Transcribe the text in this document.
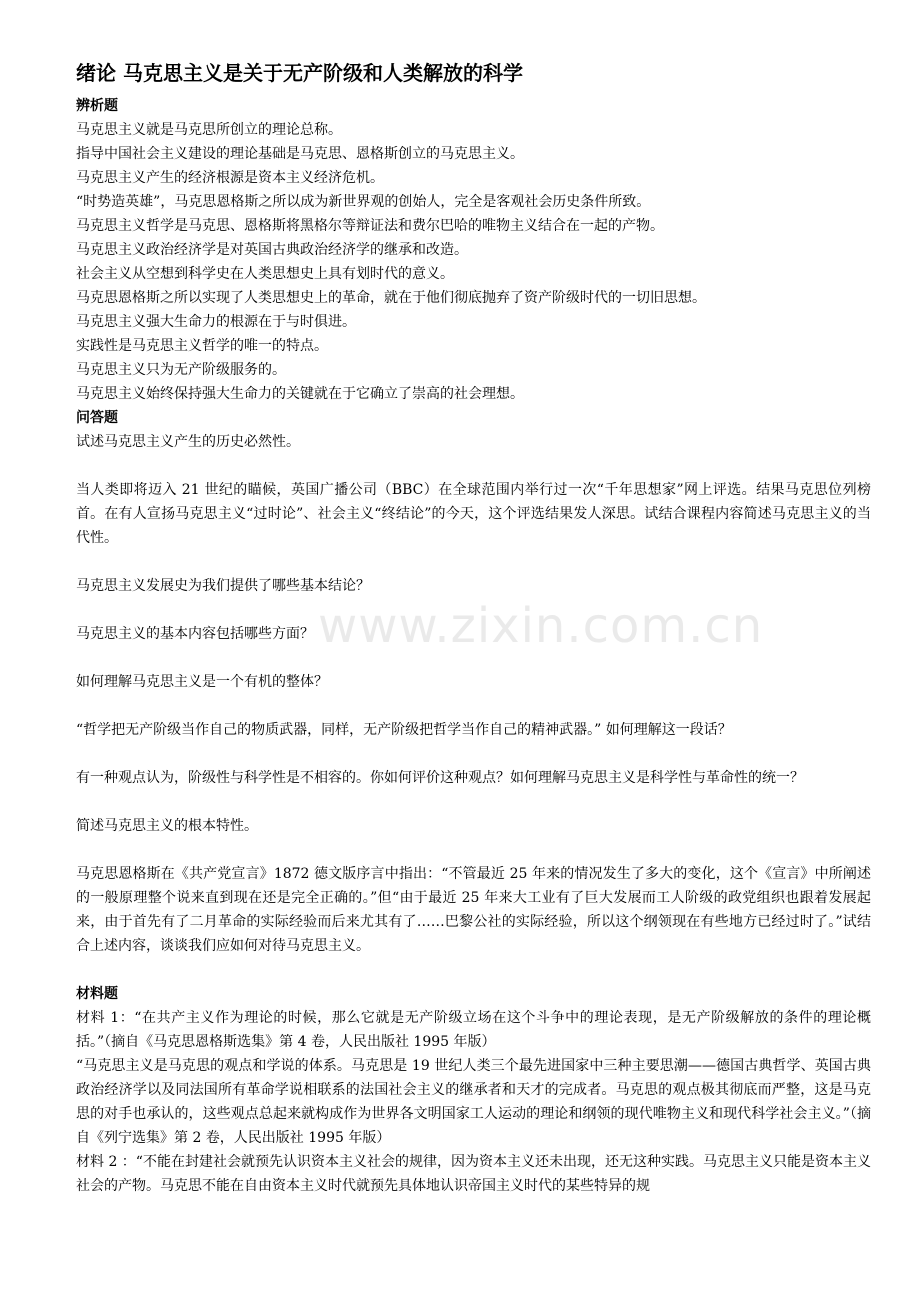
www.zixin.com.cn
绪论 马克思主义是关于无产阶级和人类解放的科学
辨析题
马克思主义就是马克思所创立的理论总称。
指导中国社会主义建设的理论基础是马克思、恩格斯创立的马克思主义。
马克思主义产生的经济根源是资本主义经济危机。
“时势造英雄”，马克思恩格斯之所以成为新世界观的创始人，完全是客观社会历史条件所致。
马克思主义哲学是马克思、恩格斯将黑格尔等辩证法和费尔巴哈的唯物主义结合在一起的产物。
马克思主义政治经济学是对英国古典政治经济学的继承和改造。
社会主义从空想到科学史在人类思想史上具有划时代的意义。
马克思恩格斯之所以实现了人类思想史上的革命，就在于他们彻底抛弃了资产阶级时代的一切旧思想。
马克思主义强大生命力的根源在于与时俱进。
实践性是马克思主义哲学的唯一的特点。
马克思主义只为无产阶级服务的。
马克思主义始终保持强大生命力的关键就在于它确立了崇高的社会理想。
问答题
试述马克思主义产生的历史必然性。
当人类即将迈入 21 世纪的瞄候，英国广播公司（BBC）在全球范围内举行过一次“千年思想家”网上评选。结果马克思位列榜首。在有人宣扬马克思主义“过时论”、社会主义“终结论”的今天，这个评选结果发人深思。试结合课程内容简述马克思主义的当代性。
马克思主义发展史为我们提供了哪些基本结论？
马克思主义的基本内容包括哪些方面？
如何理解马克思主义是一个有机的整体？
“哲学把无产阶级当作自己的物质武器，同样，无产阶级把哲学当作自己的精神武器。” 如何理解这一段话？
有一种观点认为，阶级性与科学性是不相容的。你如何评价这种观点？如何理解马克思主义是科学性与革命性的统一？
简述马克思主义的根本特性。
马克思恩格斯在《共产党宣言》1872 德文版序言中指出：“不管最近 25 年来的情况发生了多大的变化，这个《宣言》中所阐述的一般原理整个说来直到现在还是完全正确的。”但“由于最近 25 年来大工业有了巨大发展而工人阶级的政党组织也跟着发展起来，由于首先有了二月革命的实际经验而后来尤其有了……巴黎公社的实际经验，所以这个纲领现在有些地方已经过时了。”试结合上述内容，谈谈我们应如何对待马克思主义。
材料题
材料 1：“在共产主义作为理论的时候，那么它就是无产阶级立场在这个斗争中的理论表现，是无产阶级解放的条件的理论概括。”（摘自《马克思恩格斯选集》第 4 卷，人民出版社 1995 年版）
“马克思主义是马克思的观点和学说的体系。马克思是 19 世纪人类三个最先进国家中三种主要思潮——德国古典哲学、英国古典政治经济学以及同法国所有革命学说相联系的法国社会主义的继承者和天才的完成者。马克思的观点极其彻底而严整，这是马克思的对手也承认的，这些观点总起来就构成作为世界各文明国家工人运动的理论和纲领的现代唯物主义和现代科学社会主义。”（摘自《列宁选集》第 2 卷，人民出版社 1995 年版）
材料 2 ：“不能在封建社会就预先认识资本主义社会的规律，因为资本主义还未出现，还无这种实践。马克思主义只能是资本主义社会的产物。马克思不能在自由资本主义时代就预先具体地认识帝国主义时代的某些特异的规
